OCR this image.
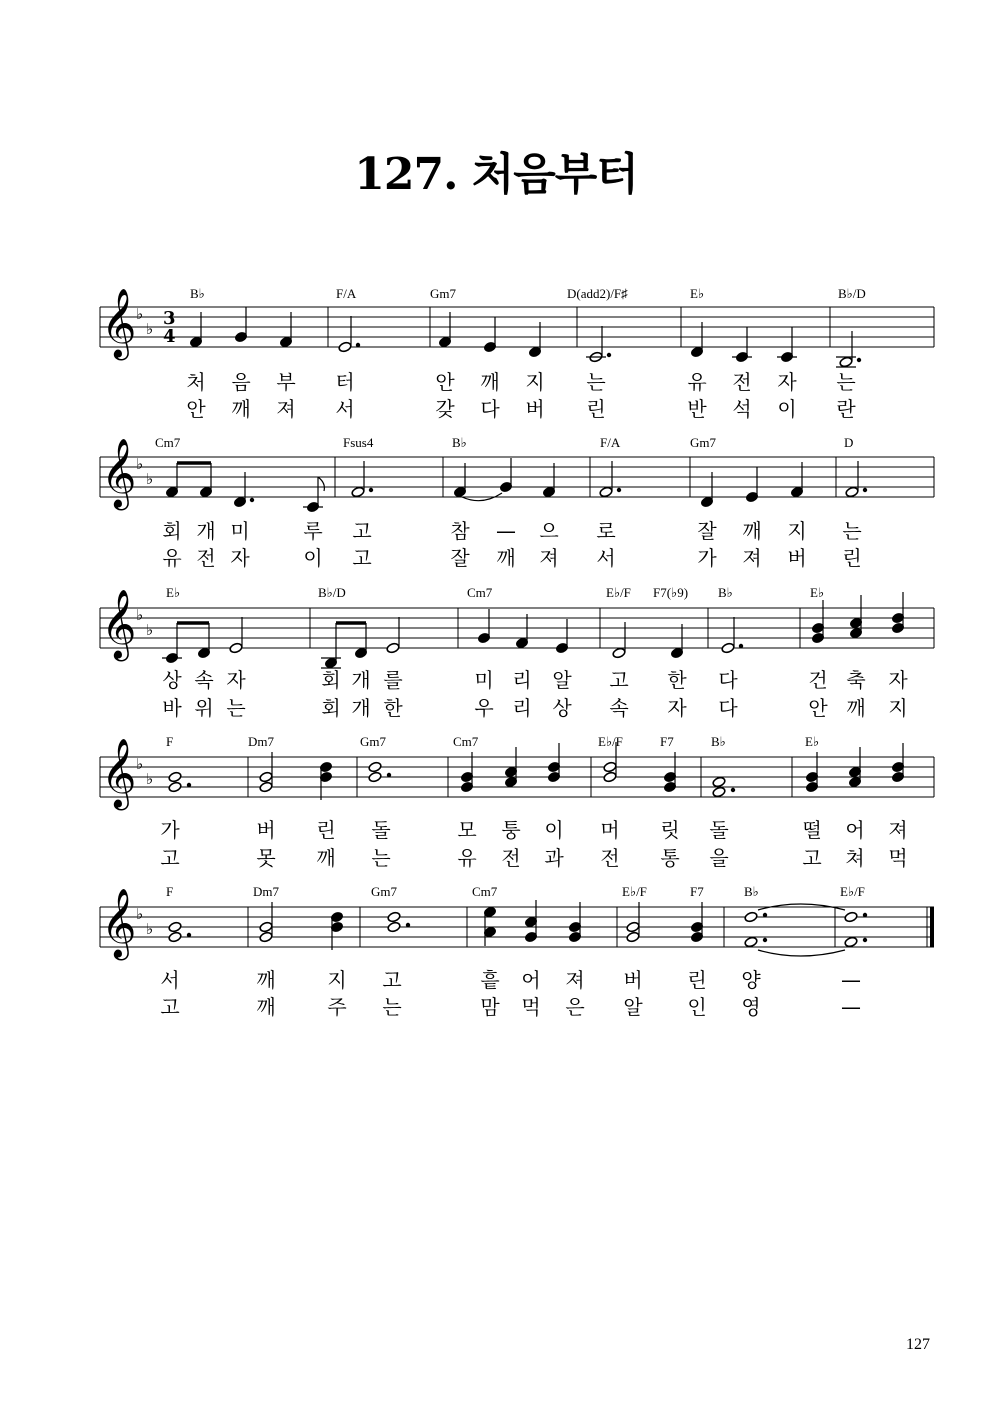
127. 처음부터
𝄞 ♭
♭ 3
4
B♭	F/A	Gm7	D(add2)/F♯	E♭	B♭/D
처 음 부 터	안 깨 지 는	유 전 자 는
안 깨 져 서	갖 다 버 린	반 석 이 란
𝄞 ♭
♭
Cm7	Fsus4	B♭	F/A	Gm7	D
회 개 미	루 고	참 — 으 로	잘 깨 지 는
유 전 자	이 고	잘 깨 져 서	가 져 버 린
𝄞 ♭
♭
E♭	B♭/D	Cm7	E♭/F F7(♭9) B♭	E♭
상 속 자	회 개 를	미 리 알 고 한 다	건 축 자
바 위 는	회 개 한	우 리 상 속 자 다	안 깨 지
𝄞 ♭
♭
F	Dm7	Gm7	Cm7	E♭/F	F7	B♭	E♭
가	버 린 돌	모 퉁 이 머 릿 돌	떨 어 져
고	못 깨 는	유 전 과 전 통 을	고 쳐 먹
𝄞 ♭
♭
F	Dm7	Gm7	Cm7	E♭/F	F7	B♭	E♭/F
서	깨	지 고	흩 어 져 버 린 양	—
고	깨	주 는	맘 먹 은 알 인 영	—
127
